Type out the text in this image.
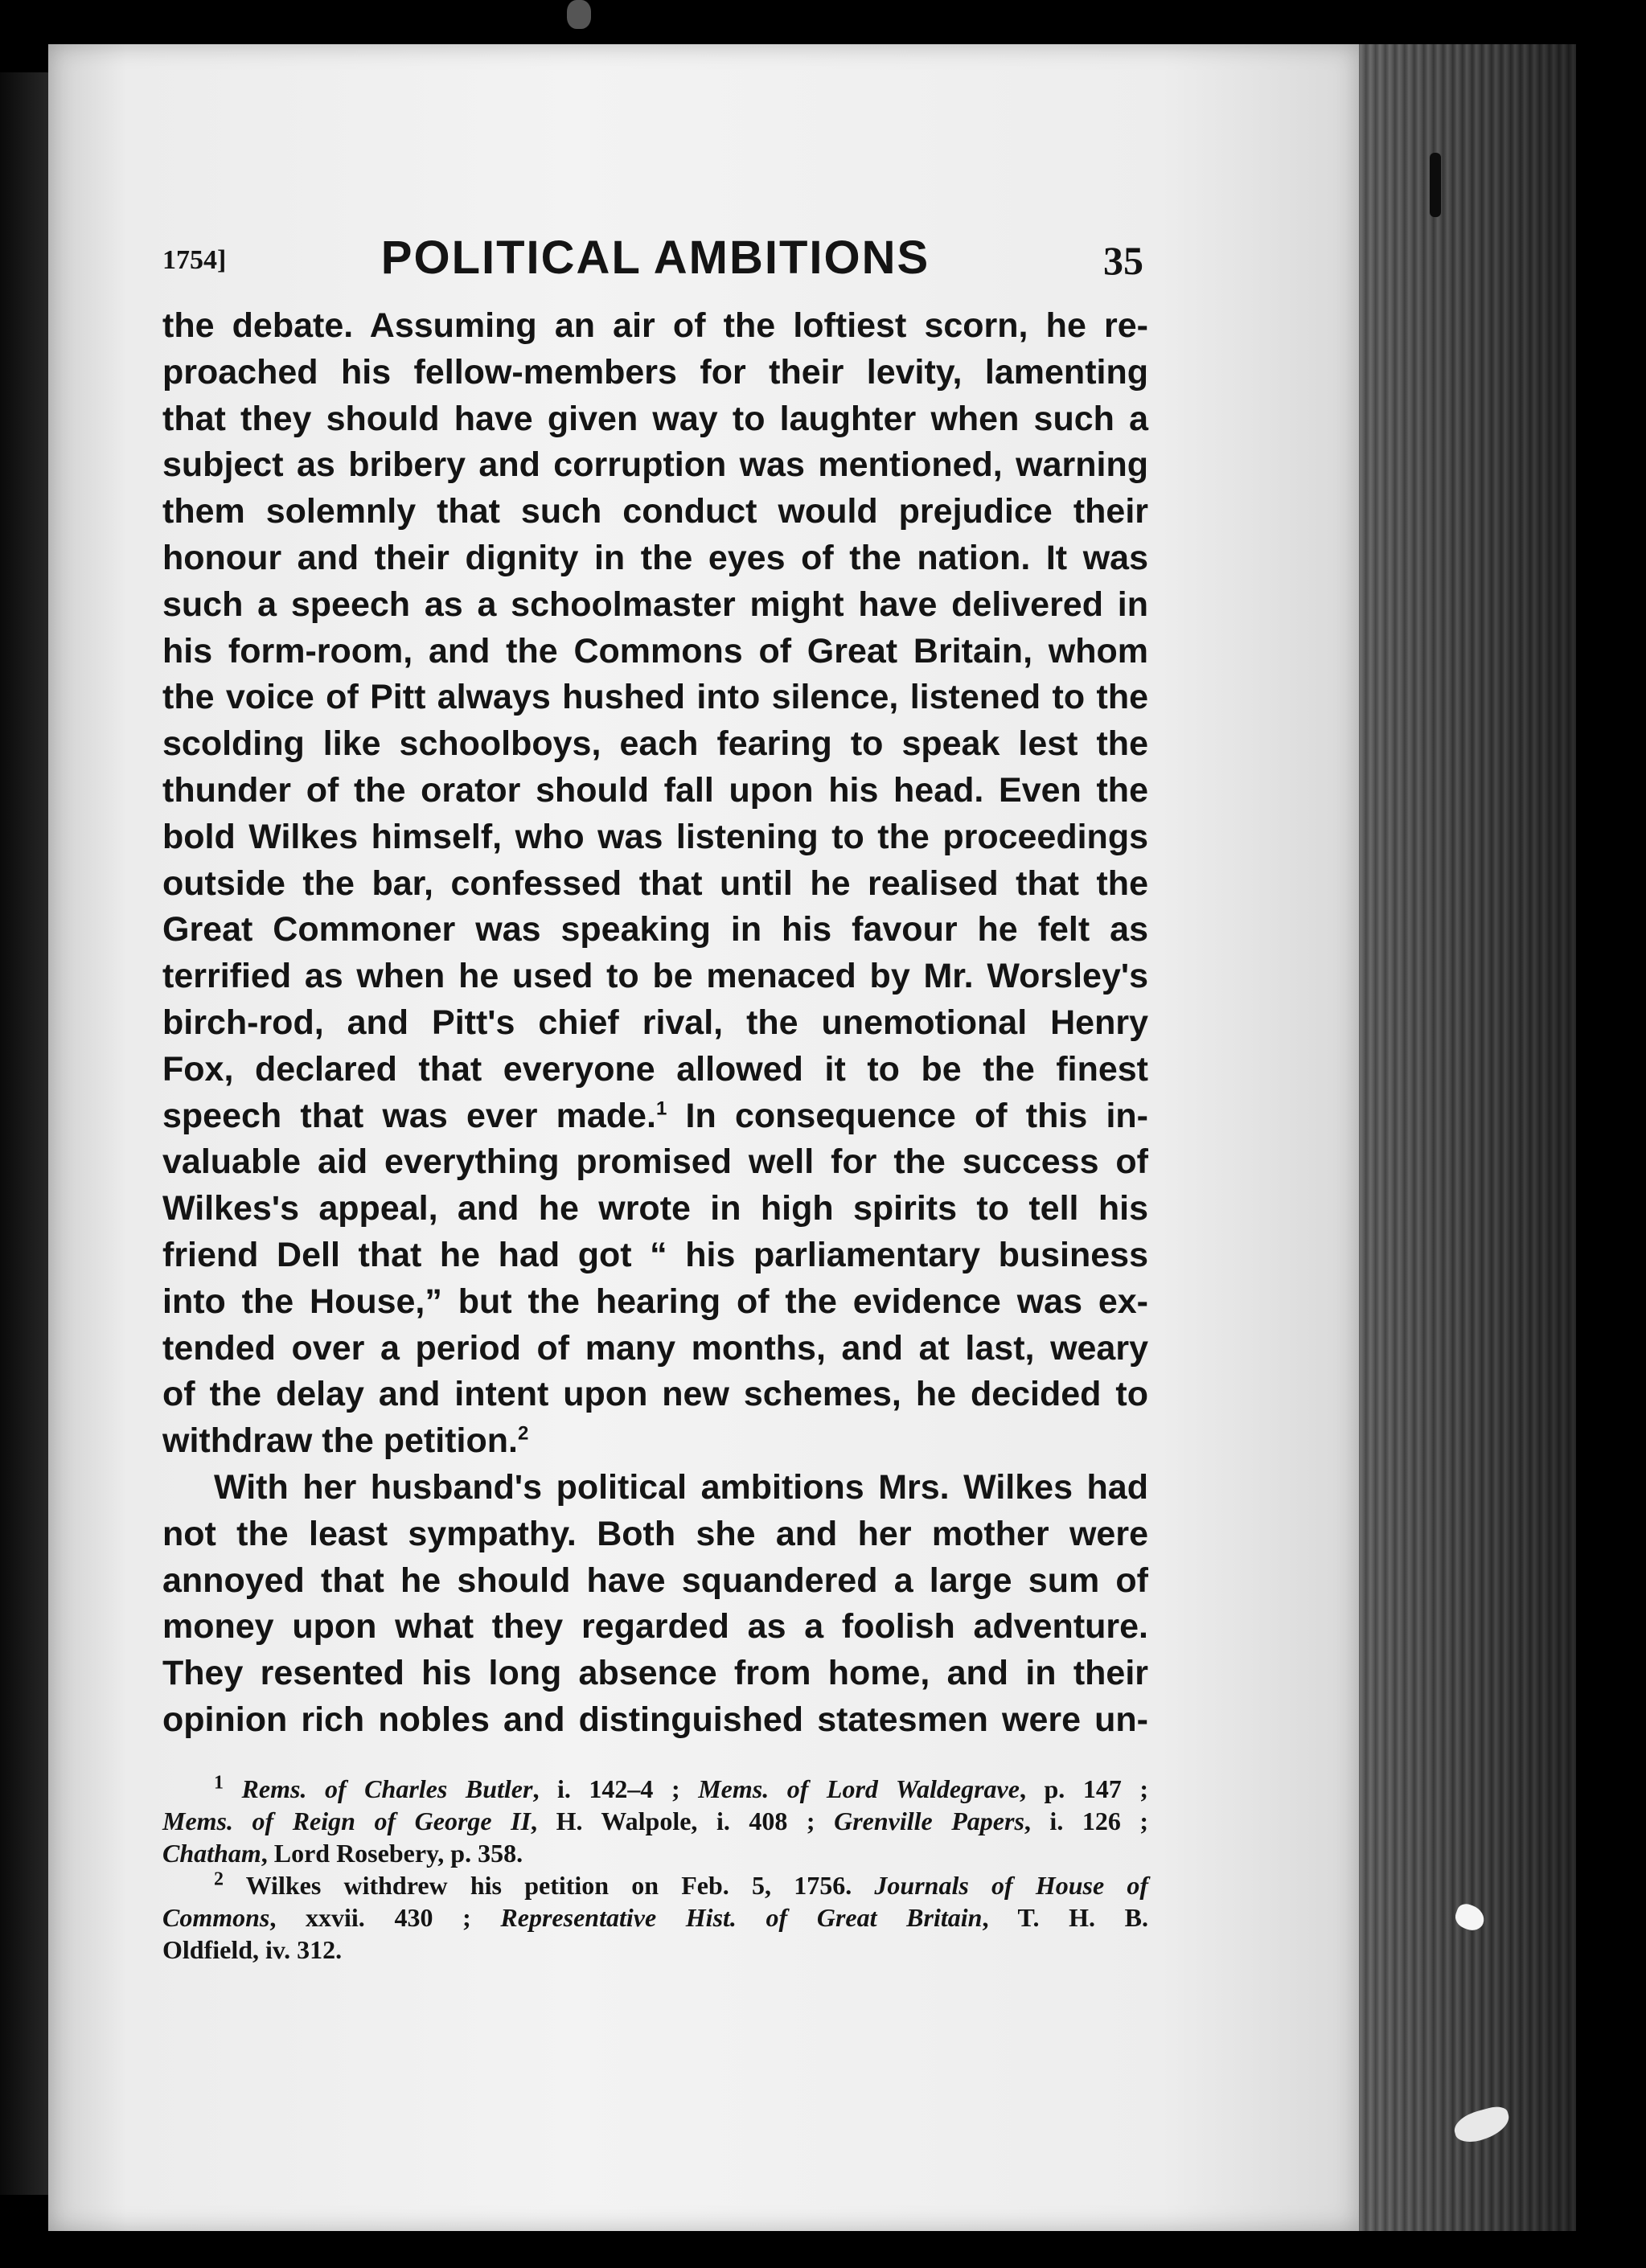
1754]	POLITICAL AMBITIONS	35
the debate. Assuming an air of the loftiest scorn, he re-
proached his fellow-members for their levity, lamenting
that they should have given way to laughter when such a
subject as bribery and corruption was mentioned, warning
them solemnly that such conduct would prejudice their
honour and their dignity in the eyes of the nation. It was
such a speech as a schoolmaster might have delivered in
his form-room, and the Commons of Great Britain, whom
the voice of Pitt always hushed into silence, listened to the
scolding like schoolboys, each fearing to speak lest the
thunder of the orator should fall upon his head. Even the
bold Wilkes himself, who was listening to the proceedings
outside the bar, confessed that until he realised that the
Great Commoner was speaking in his favour he felt as
terrified as when he used to be menaced by Mr. Worsley's
birch-rod, and Pitt's chief rival, the unemotional Henry
Fox, declared that everyone allowed it to be the finest
speech that was ever made.$^1$ In consequence of this in-
valuable aid everything promised well for the success of
Wilkes's appeal, and he wrote in high spirits to tell his
friend Dell that he had got “ his parliamentary business
into the House,” but the hearing of the evidence was ex-
tended over a period of many months, and at last, weary
of the delay and intent upon new schemes, he decided to
withdraw the petition.$^2$
With her husband's political ambitions Mrs. Wilkes had
not the least sympathy. Both she and her mother were
annoyed that he should have squandered a large sum of
money upon what they regarded as a foolish adventure.
They resented his long absence from home, and in their
opinion rich nobles and distinguished statesmen were un-
$^1$ Rems. of Charles Butler, i. 142–4 ; Mems. of Lord Waldegrave, p. 147 ;
Mems. of Reign of George II, H. Walpole, i. 408 ; Grenville Papers, i. 126 ;
Chatham, Lord Rosebery, p. 358.
$^2$ Wilkes withdrew his petition on Feb. 5, 1756. Journals of House of
Commons, xxvii. 430 ; Representative Hist. of Great Britain, T. H. B.
Oldfield, iv. 312.
